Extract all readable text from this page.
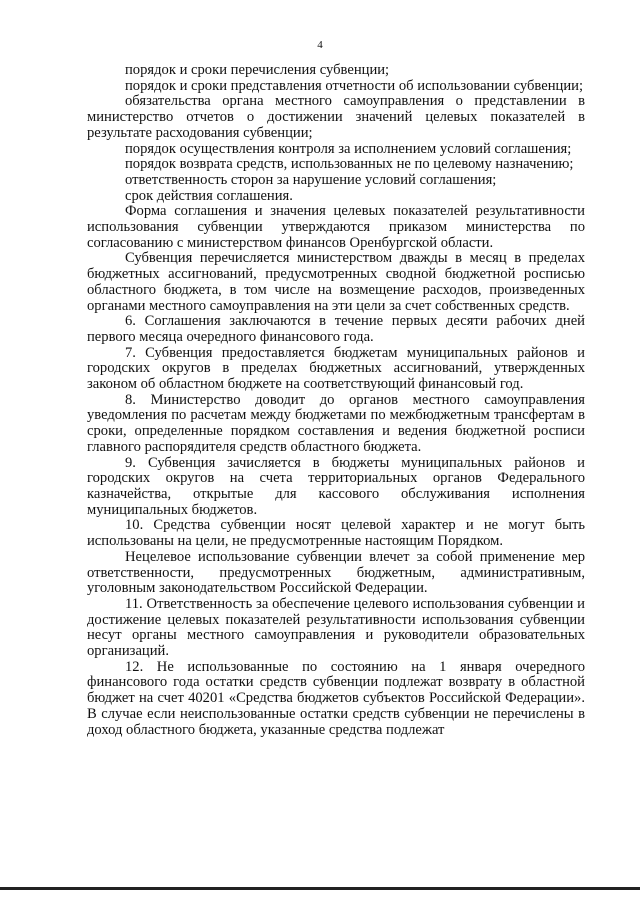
4

порядок и сроки перечисления субвенции;

порядок и сроки представления отчетности об использовании субвенции;

обязательства органа местного самоуправления о представлении в министерство отчетов о достижении значений целевых показателей в результате расходования субвенции;

порядок осуществления контроля за исполнением условий соглашения;

порядок возврата средств, использованных не по целевому назначению;

ответственность сторон за нарушение условий соглашения;

срок действия соглашения.

Форма соглашения и значения целевых показателей результативности использования субвенции утверждаются приказом министерства по согласованию с министерством финансов Оренбургской области.

Субвенция перечисляется министерством дважды в месяц в пределах бюджетных ассигнований, предусмотренных сводной бюджетной росписью областного бюджета, в том числе на возмещение расходов, произведенных органами местного самоуправления на эти цели за счет собственных средств.

6. Соглашения заключаются в течение первых десяти рабочих дней первого месяца очередного финансового года.

7. Субвенция предоставляется бюджетам муниципальных районов и городских округов в пределах бюджетных ассигнований, утвержденных законом об областном бюджете на соответствующий финансовый год.

8. Министерство доводит до органов местного самоуправления уведомления по расчетам между бюджетами по межбюджетным трансфертам в сроки, определенные порядком составления и ведения бюджетной росписи главного распорядителя средств областного бюджета.

9. Субвенция зачисляется в бюджеты муниципальных районов и городских округов на счета территориальных органов Федерального казначейства, открытые для кассового обслуживания исполнения муниципальных бюджетов.

10. Средства субвенции носят целевой характер и не могут быть использованы на цели, не предусмотренные настоящим Порядком.

Нецелевое использование субвенции влечет за собой применение мер ответственности, предусмотренных бюджетным, административным, уголовным законодательством Российской Федерации.

11. Ответственность за обеспечение целевого использования субвенции и достижение целевых показателей результативности использования субвенции несут органы местного самоуправления и руководители образовательных организаций.

12. Не использованные по состоянию на 1 января очередного финансового года остатки средств субвенции подлежат возврату в областной бюджет на счет 40201 «Средства бюджетов субъектов Российской Федерации». В случае если неиспользованные остатки средств субвенции не перечислены в доход областного бюджета, указанные средства подлежат
